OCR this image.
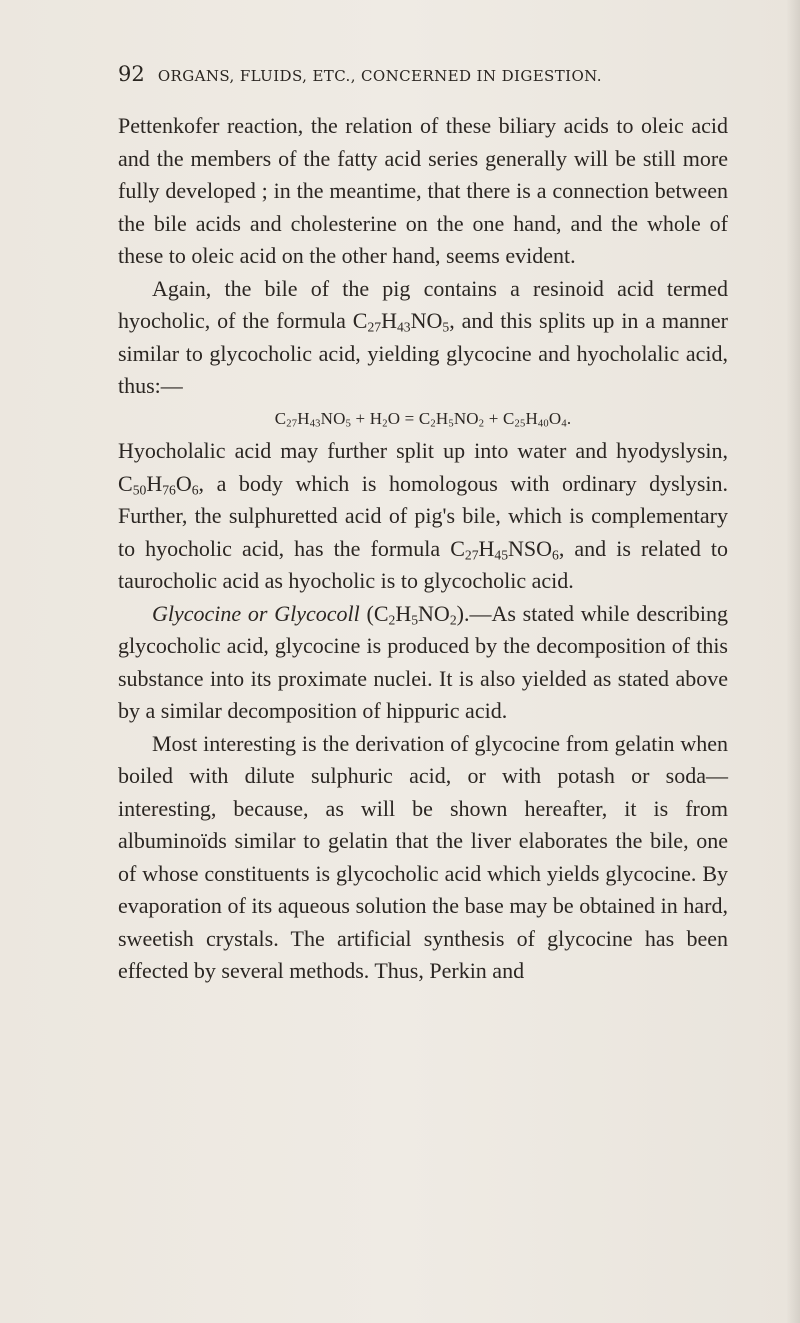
92 ORGANS, FLUIDS, ETC., CONCERNED IN DIGESTION.

Pettenkofer reaction, the relation of these biliary acids to oleic acid and the members of the fatty acid series generally will be still more fully developed ; in the meantime, that there is a connection between the bile acids and cholesterine on the one hand, and the whole of these to oleic acid on the other hand, seems evident.

Again, the bile of the pig contains a resinoid acid termed hyocholic, of the formula $C_{27}H_{43}NO_5$, and this splits up in a manner similar to glycocholic acid, yielding glycocine and hyocholalic acid, thus:—

$C_{27}H_{43}NO_5 + H_2O = C_2H_5NO_2 + C_{25}H_{40}O_4$.

Hyocholalic acid may further split up into water and hyodyslysin, $C_{50}H_{76}O_6$, a body which is homologous with ordinary dyslysin. Further, the sulphuretted acid of pig's bile, which is complementary to hyocholic acid, has the formula $C_{27}H_{45}NSO_6$, and is related to taurocholic acid as hyocholic is to glycocholic acid.

Glycocine or Glycocoll $(C_2H_5NO_2).—As$ stated while describing glycocholic acid, glycocine is produced by the decomposition of this substance into its proximate nuclei. It is also yielded as stated above by a similar decomposition of hippuric acid.

Most interesting is the derivation of glycocine from gelatin when boiled with dilute sulphuric acid, or with potash or soda—interesting, because, as will be shown hereafter, it is from albuminoïds similar to gelatin that the liver elaborates the bile, one of whose constituents is glycocholic acid which yields glycocine. By evaporation of its aqueous solution the base may be obtained in hard, sweetish crystals. The artificial synthesis of glycocine has been effected by several methods. Thus, Perkin and
